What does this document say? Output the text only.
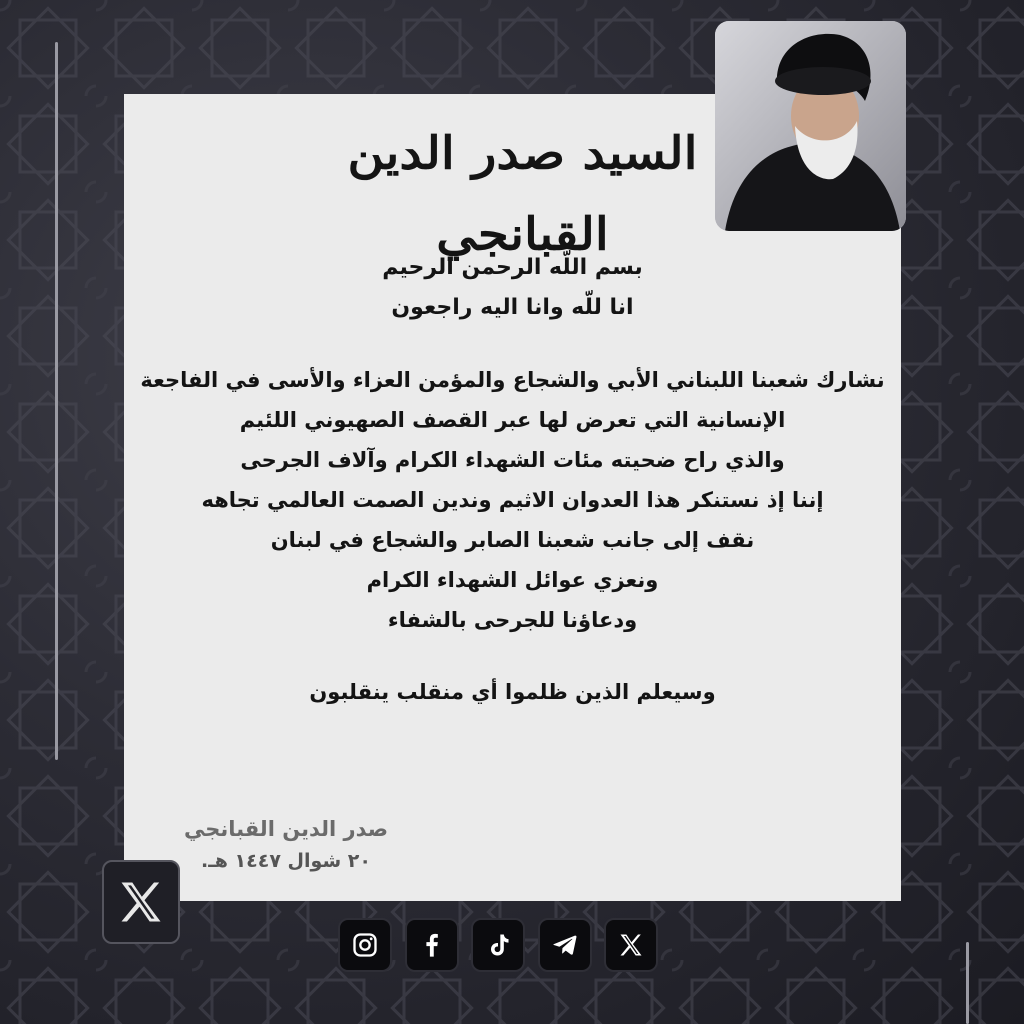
السيد صدر الدين القبانجي
بسم اللّه الرحمن الرحيم
انا للّه وانا اليه راجعون
نشارك شعبنا اللبناني الأبي والشجاع والمؤمن العزاء والأسى في الفاجعة
الإنسانية التي تعرض لها عبر القصف الصهيوني اللئيم
والذي راح ضحيته مئات الشهداء الكرام وآلاف الجرحى
إننا إذ نستنكر هذا العدوان الاثيم وندين الصمت العالمي تجاهه
نقف إلى جانب شعبنا الصابر والشجاع في لبنان
ونعزي عوائل الشهداء الكرام
ودعاؤنا للجرحى بالشفاء
وسيعلم الذين ظلموا أي منقلب ينقلبون
صدر الدين القبانجي
٢٠ شوال ١٤٤٧ هـ.
